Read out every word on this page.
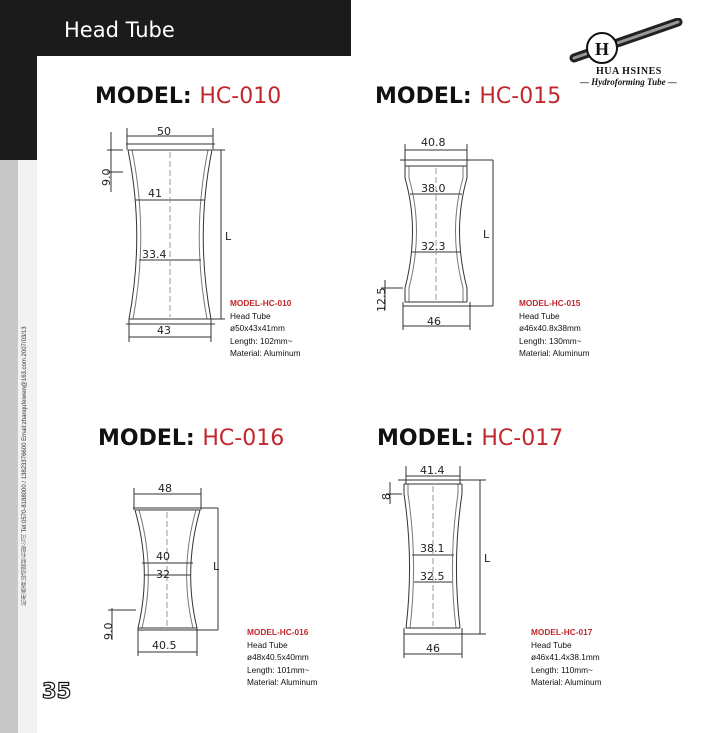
Head Tube
杭州画森运动器材有限公司 Tel:0570-8188000 / 13823376600 Email:zhanqufeiwen@163.com 2007/03/13
35
H
HUA HSINES
— Hydroforming Tube —
MODEL: HC-010
50
9.0
41
33.4
43
L
MODEL-HC-010
Head Tube
ø50x43x41mm
Length: 102mm~
Material: Aluminum
MODEL: HC-015
40.8
38.0
32.3
12.5
46
L
MODEL-HC-015
Head Tube
ø46x40.8x38mm
Length: 130mm~
Material: Aluminum
MODEL: HC-016
48
40
32
9.0
40.5
L
MODEL-HC-016
Head Tube
ø48x40.5x40mm
Length: 101mm~
Material: Aluminum
MODEL: HC-017
41.4
8
38.1
32.5
46
L
MODEL-HC-017
Head Tube
ø46x41.4x38.1mm
Length: 110mm~
Material: Aluminum
